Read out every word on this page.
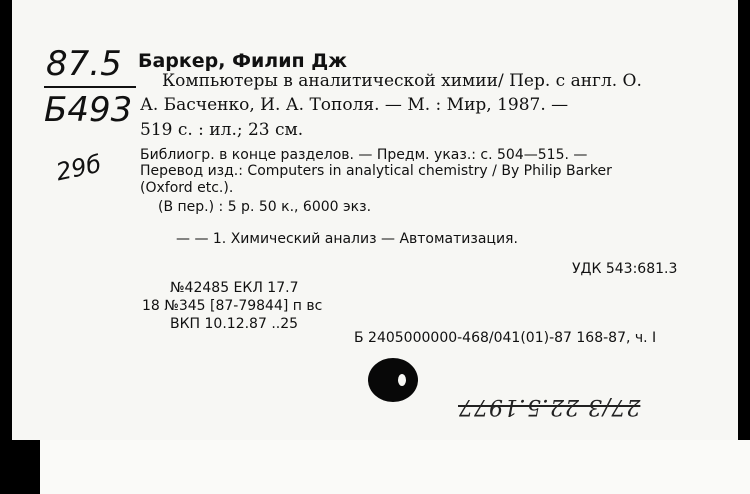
87.5
Б493
29б
Баркер, Филип Дж
Компьютеры в аналитической химии/ Пер. с англ. О.
А. Басченко, И. А. Тополя. — М. : Мир, 1987. —
519 с. : ил.; 23 см.
Библиогр. в конце разделов. — Предм. указ.: с. 504—515. —
Перевод изд.: Computers in analytical chemistry / By Philip Barker
(Oxford etc.).
(В пер.) : 5 р. 50 к., 6000 экз.
— — 1. Химический анализ — Автоматизация.
УДК 543:681.3
№42485 ЕКЛ 17.7
18 №345 [87-79844] п вс
ВКП 10.12.87 ..25
Б 2405000000-468/041(01)-87 168-87, ч. I
27/3 22.5.1977
